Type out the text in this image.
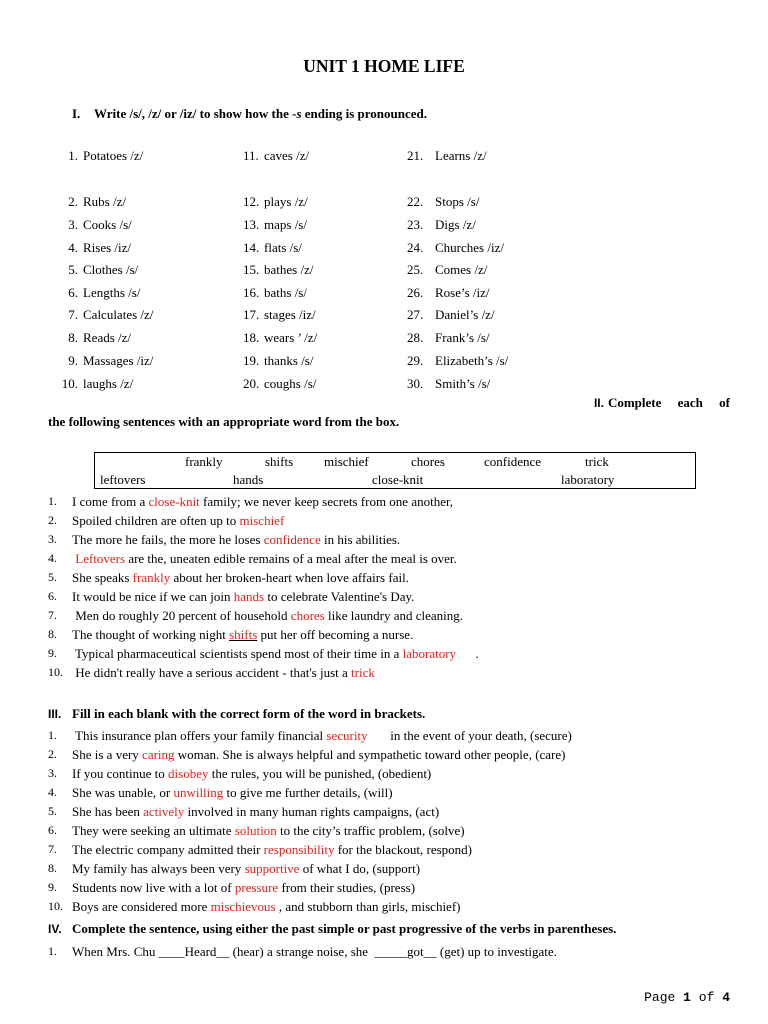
UNIT 1 HOME LIFE
I. Write /s/, /z/ or /iz/ to show how the -s ending is pronounced.
1. Potatoes /z/
2. Rubs /z/
3. Cooks /s/
4. Rises /iz/
5. Clothes /s/
6. Lengths /s/
7. Calculates /z/
8. Reads /z/
9. Massages /iz/
10. laughs /z/
11. caves /z/
12. plays /z/
13. maps /s/
14. flats /s/
15. bathes /z/
16. baths /s/
17. stages /iz/
18. wears ’ /z/
19. thanks /s/
20. coughs /s/
21. Learns /z/
22. Stops /s/
23. Digs /z/
24. Churches /iz/
25. Comes /z/
26. Rose’s /iz/
27. Daniel’s /z/
28. Frank’s /s/
29. Elizabeth’s /s/
30. Smith’s /s/
II. Complete     each     of
the following sentences with an appropriate word from the box.
frankly	shifts mischief	chores	confidence	trick
leftovers	hands	close-knit	laboratory
1.	I come from a close-knit family; we never keep secrets from one another,
2.	Spoiled children are often up to mischief
3.	The more he fails, the more he loses confidence in his abilities.
4.	Leftovers are the, uneaten edible remains of a meal after the meal is over.
5.	She speaks frankly about her broken-heart when love affairs fail.
6.	It would be nice if we can join hands to celebrate Valentine's Day.
7.	Men do roughly 20 percent of household chores like laundry and cleaning.
8.	The thought of working night shifts put her off becoming a nurse.
9.	Typical pharmaceutical scientists spend most of their time in a laboratory      .
10. He didn't really have a serious accident - that's just a trick
III. Fill in each blank with the correct form of the word in brackets.
1.	This insurance plan offers your family financial security       in the event of your death, (secure)
2.	She is a very caring woman. She is always helpful and sympathetic toward other people, (care)
3.	If you continue to disobey the rules, you will be punished, (obedient)
4.	She was unable, or unwilling to give me further details, (will)
5.	She has been actively involved in many human rights campaigns, (act)
6.	They were seeking an ultimate solution to the city’s traffic problem, (solve)
7.	The electric company admitted their responsibility for the blackout, respond)
8.	My family has always been very supportive of what I do, (support)
9.	Students now live with a lot of pressure from their studies, (press)
10. Boys are considered more mischievous , and stubborn than girls, mischief)
IV. Complete the sentence, using either the past simple or past progressive of the verbs in parentheses.
1.	When Mrs. Chu ____Heard__ (hear) a strange noise, she  _____got__ (get) up to investigate.
Page 1 of 4
